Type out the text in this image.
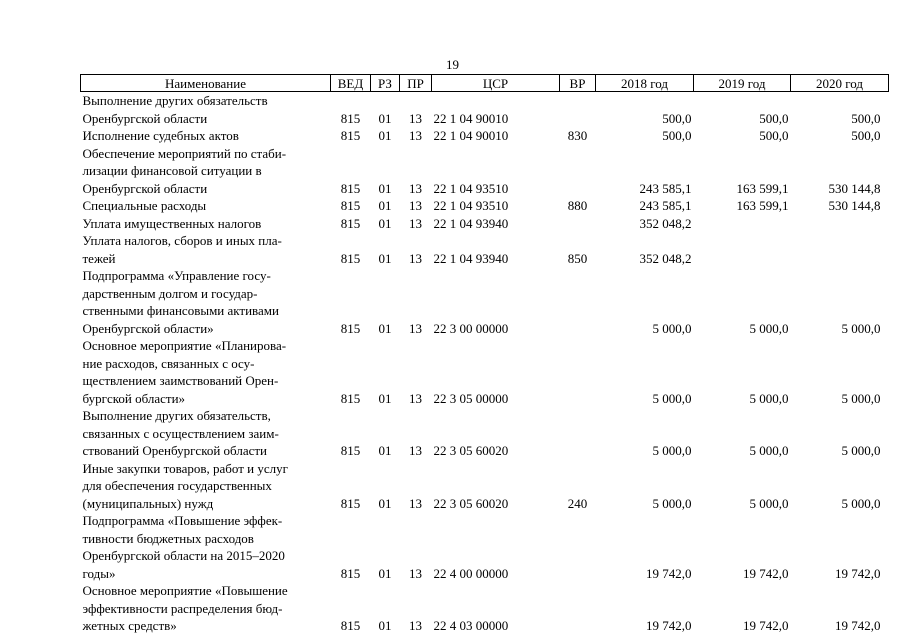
19
Наименование	ВЕД	РЗ	ПР	ЦСР	ВР	2018 год	2019 год	2020 год

Выполнение других обязательств
Оренбургской области	815	01	13	22 1 04 90010		500,0	500,0	500,0

Исполнение судебных актов	815	01	13	22 1 04 90010	830	500,0	500,0	500,0

Обеспечение мероприятий по стаби-
лизации финансовой ситуации в
Оренбургской области	815	01	13	22 1 04 93510		243 585,1	163 599,1	530 144,8

Специальные расходы	815	01	13	22 1 04 93510	880	243 585,1	163 599,1	530 144,8

Уплата имущественных налогов	815	01	13	22 1 04 93940		352 048,2		

Уплата налогов, сборов и иных пла-
тежей	815	01	13	22 1 04 93940	850	352 048,2		

Подпрограмма «Управление госу-
дарственным долгом и государ-
ственными финансовыми активами
Оренбургской области»	815	01	13	22 3 00 00000		5 000,0	5 000,0	5 000,0

Основное мероприятие «Планирова-
ние расходов, связанных с осу-
ществлением заимствований Орен-
бургской области»	815	01	13	22 3 05 00000		5 000,0	5 000,0	5 000,0

Выполнение других обязательств,
связанных с осуществлением заим-
ствований Оренбургской области	815	01	13	22 3 05 60020		5 000,0	5 000,0	5 000,0

Иные закупки товаров, работ и услуг
для обеспечения государственных
(муниципальных) нужд	815	01	13	22 3 05 60020	240	5 000,0	5 000,0	5 000,0

Подпрограмма «Повышение эффек-
тивности бюджетных расходов
Оренбургской области на 2015–2020
годы»	815	01	13	22 4 00 00000		19 742,0	19 742,0	19 742,0

Основное мероприятие «Повышение
эффективности распределения бюд-
жетных средств»	815	01	13	22 4 03 00000		19 742,0	19 742,0	19 742,0
